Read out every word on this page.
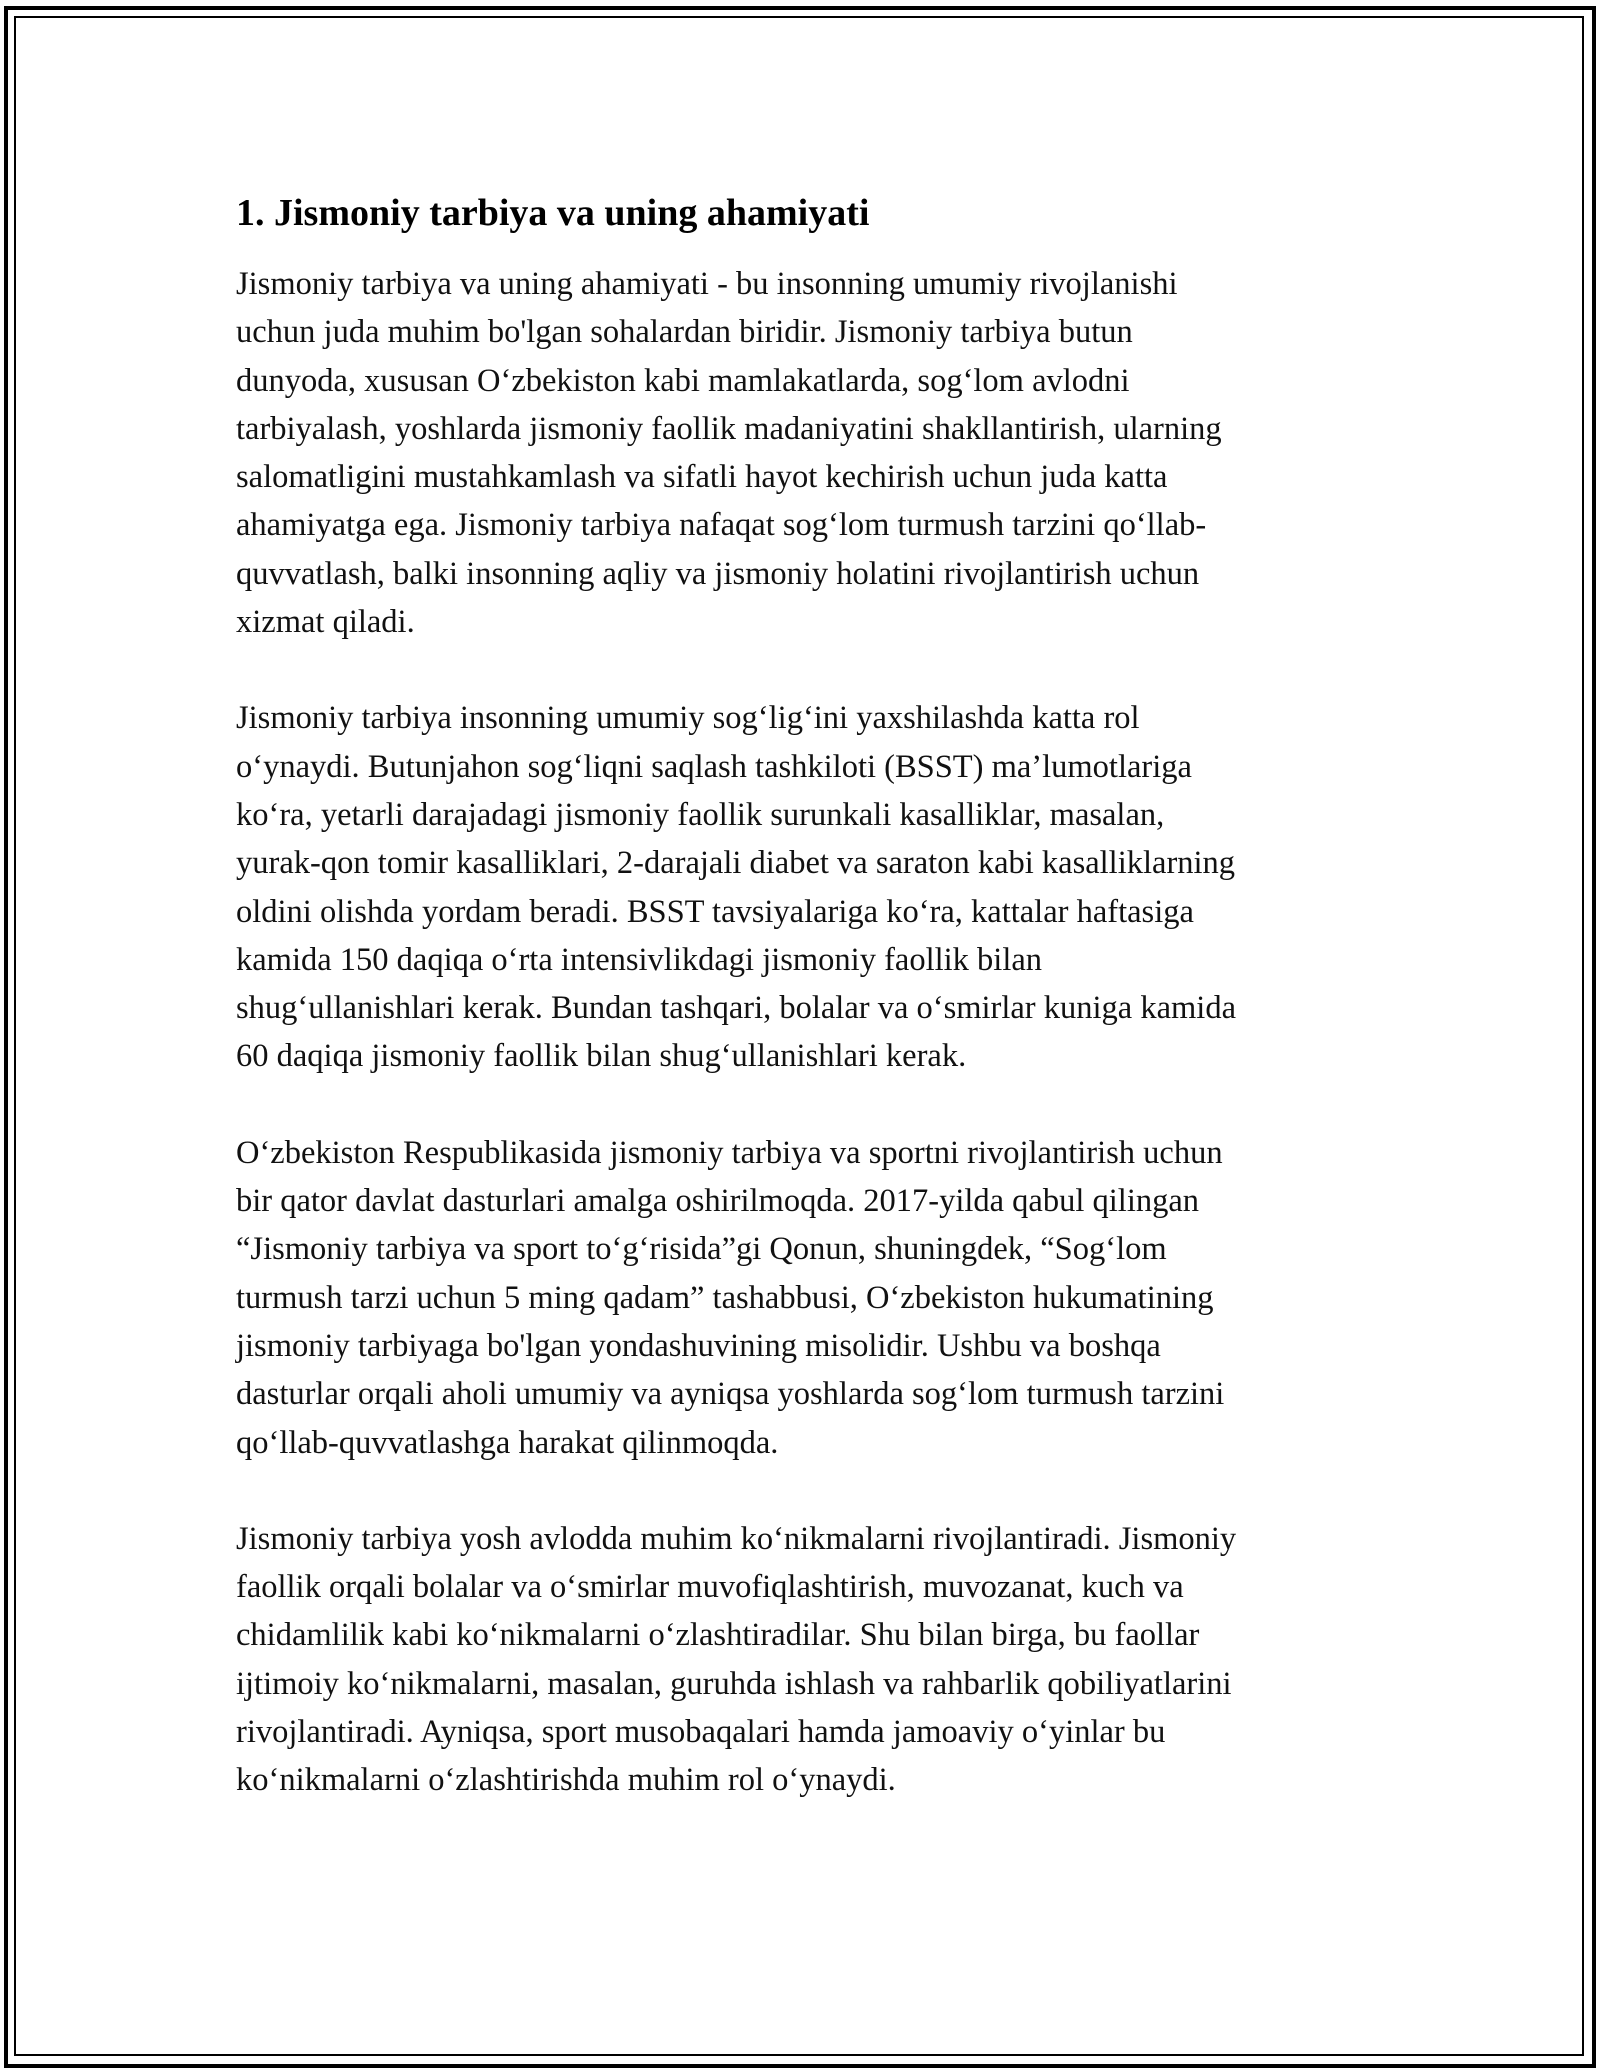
1. Jismoniy tarbiya va uning ahamiyati
Jismoniy tarbiya va uning ahamiyati - bu insonning umumiy rivojlanishi
uchun juda muhim bo'lgan sohalardan biridir. Jismoniy tarbiya butun
dunyoda, xususan O‘zbekiston kabi mamlakatlarda, sog‘lom avlodni
tarbiyalash, yoshlarda jismoniy faollik madaniyatini shakllantirish, ularning
salomatligini mustahkamlash va sifatli hayot kechirish uchun juda katta
ahamiyatga ega. Jismoniy tarbiya nafaqat sog‘lom turmush tarzini qo‘llab-
quvvatlash, balki insonning aqliy va jismoniy holatini rivojlantirish uchun
xizmat qiladi.
Jismoniy tarbiya insonning umumiy sog‘lig‘ini yaxshilashda katta rol
o‘ynaydi. Butunjahon sog‘liqni saqlash tashkiloti (BSST) ma’lumotlariga
ko‘ra, yetarli darajadagi jismoniy faollik surunkali kasalliklar, masalan,
yurak-qon tomir kasalliklari, 2-darajali diabet va saraton kabi kasalliklarning
oldini olishda yordam beradi. BSST tavsiyalariga ko‘ra, kattalar haftasiga
kamida 150 daqiqa o‘rta intensivlikdagi jismoniy faollik bilan
shug‘ullanishlari kerak. Bundan tashqari, bolalar va o‘smirlar kuniga kamida
60 daqiqa jismoniy faollik bilan shug‘ullanishlari kerak.
O‘zbekiston Respublikasida jismoniy tarbiya va sportni rivojlantirish uchun
bir qator davlat dasturlari amalga oshirilmoqda. 2017-yilda qabul qilingan
“Jismoniy tarbiya va sport to‘g‘risida”gi Qonun, shuningdek, “Sog‘lom
turmush tarzi uchun 5 ming qadam” tashabbusi, O‘zbekiston hukumatining
jismoniy tarbiyaga bo'lgan yondashuvining misolidir. Ushbu va boshqa
dasturlar orqali aholi umumiy va ayniqsa yoshlarda sog‘lom turmush tarzini
qo‘llab-quvvatlashga harakat qilinmoqda.
Jismoniy tarbiya yosh avlodda muhim ko‘nikmalarni rivojlantiradi. Jismoniy
faollik orqali bolalar va o‘smirlar muvofiqlashtirish, muvozanat, kuch va
chidamlilik kabi ko‘nikmalarni o‘zlashtiradilar. Shu bilan birga, bu faollar
ijtimoiy ko‘nikmalarni, masalan, guruhda ishlash va rahbarlik qobiliyatlarini
rivojlantiradi. Ayniqsa, sport musobaqalari hamda jamoaviy o‘yinlar bu
ko‘nikmalarni o‘zlashtirishda muhim rol o‘ynaydi.
